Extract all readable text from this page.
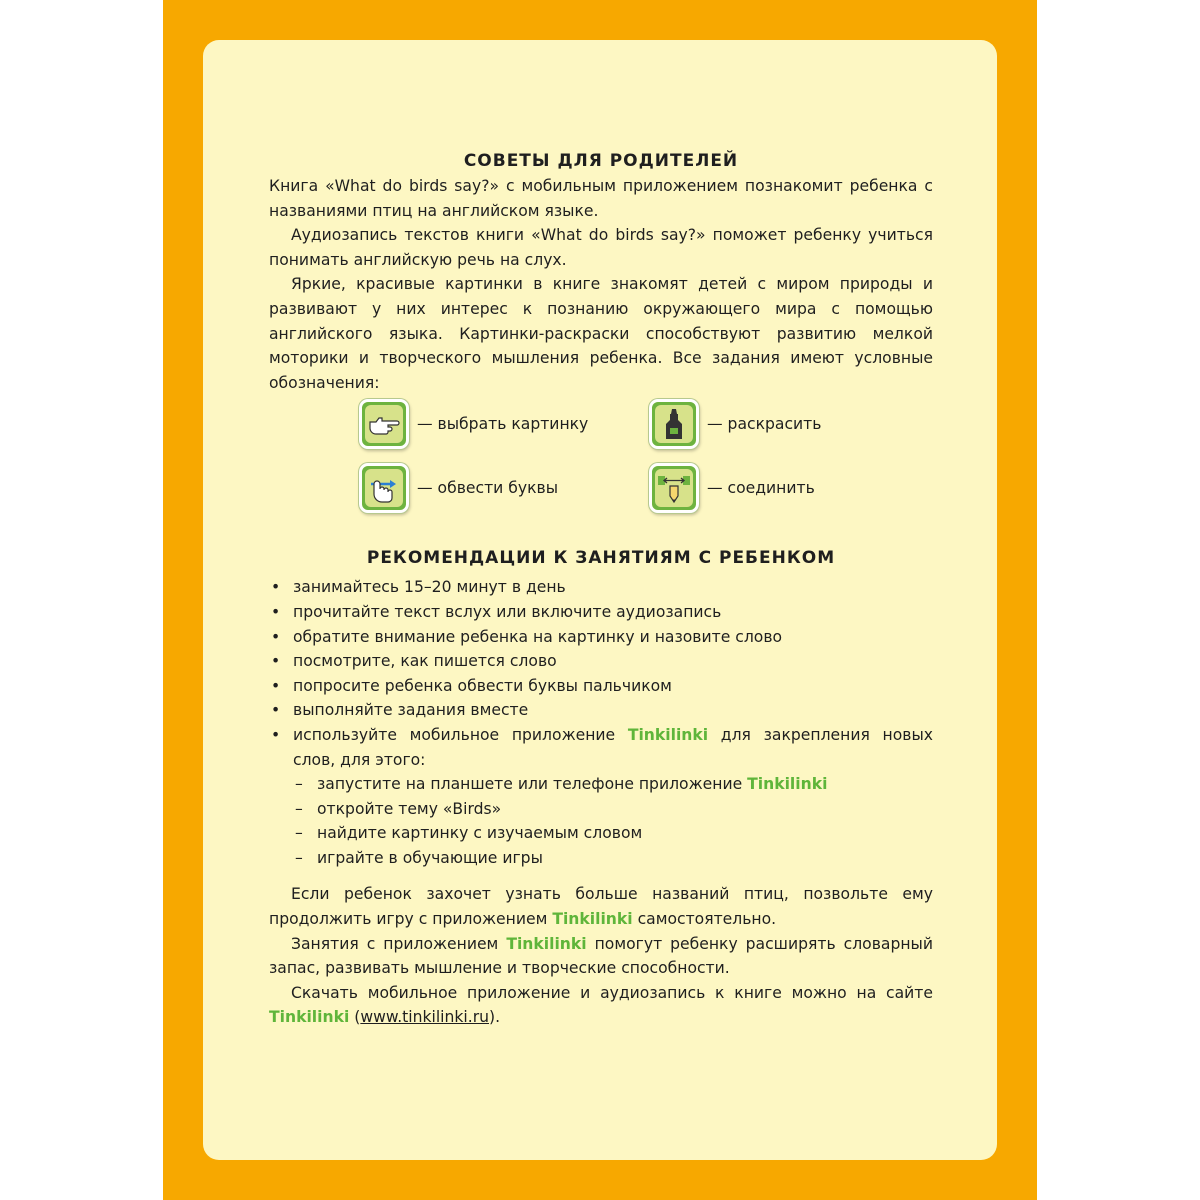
СОВЕТЫ ДЛЯ РОДИТЕЛЕЙ

Книга «What do birds say?» с мобильным приложением познакомит ребенка с названиями птиц на английском языке.

Аудиозапись текстов книги «What do birds say?» поможет ребенку учиться понимать английскую речь на слух.

Яркие, красивые картинки в книге знакомят детей с миром природы и развивают у них интерес к познанию окружающего мира с помощью английского языка. Картинки-раскраски способствуют развитию мелкой моторики и творческого мышления ребенка. Все задания имеют условные обозначения:

— выбрать картинку	— раскрасить
— обвести буквы	— соединить
РЕКОМЕНДАЦИИ К ЗАНЯТИЯМ С РЕБЕНКОМ
• занимайтесь 15–20 минут в день
• прочитайте текст вслух или включите аудиозапись
• обратите внимание ребенка на картинку и назовите слово
• посмотрите, как пишется слово
• попросите ребенка обвести буквы пальчиком
• выполняйте задания вместе
• используйте мобильное приложение Tinkilinki для закрепления новых слов, для этого:
– запустите на планшете или телефоне приложение Tinkilinki
– откройте тему «Birds»
– найдите картинку с изучаемым словом
– играйте в обучающие игры

Если ребенок захочет узнать больше названий птиц, позвольте ему продолжить игру с приложением Tinkilinki самостоятельно.

Занятия с приложением Tinkilinki помогут ребенку расширять словарный запас, развивать мышление и творческие способности.

Скачать мобильное приложение и аудиозапись к книге можно на сайте Tinkilinki (www.tinkilinki.ru).
